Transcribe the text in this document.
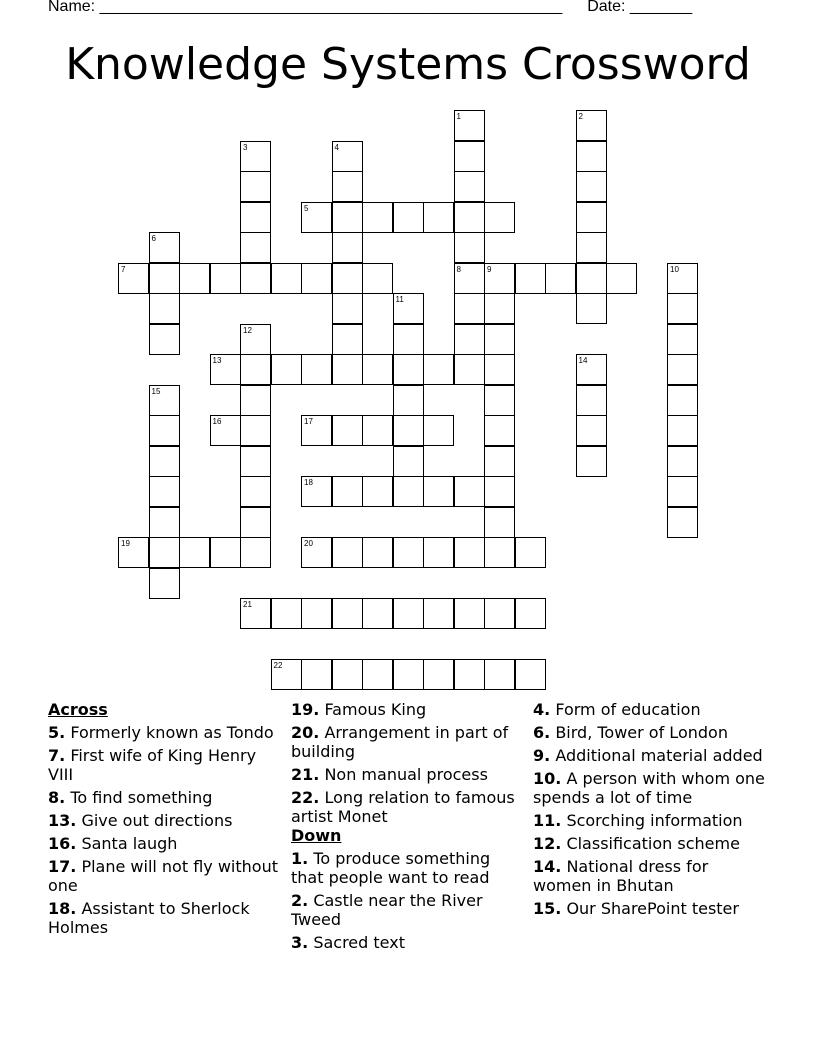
Name: ____________________________________________________ Date: _______
Knowledge Systems Crossword
1
8
2
3	4
5
6
7	9	10
11
12
13	14
15
16	17
18
19	20
21
22
Across
5. Formerly known as Tondo
7. First wife of King Henry VIII
8. To find something
13. Give out directions
16. Santa laugh
17. Plane will not fly without one
18. Assistant to Sherlock Holmes
19. Famous King
20. Arrangement in part of building
21. Non manual process
22. Long relation to famous artist Monet
Down
1. To produce something that people want to read
2. Castle near the River Tweed
3. Sacred text
4. Form of education
6. Bird, Tower of London
9. Additional material added
10. A person with whom one spends a lot of time
11. Scorching information
12. Classification scheme
14. National dress for women in Bhutan
15. Our SharePoint tester
